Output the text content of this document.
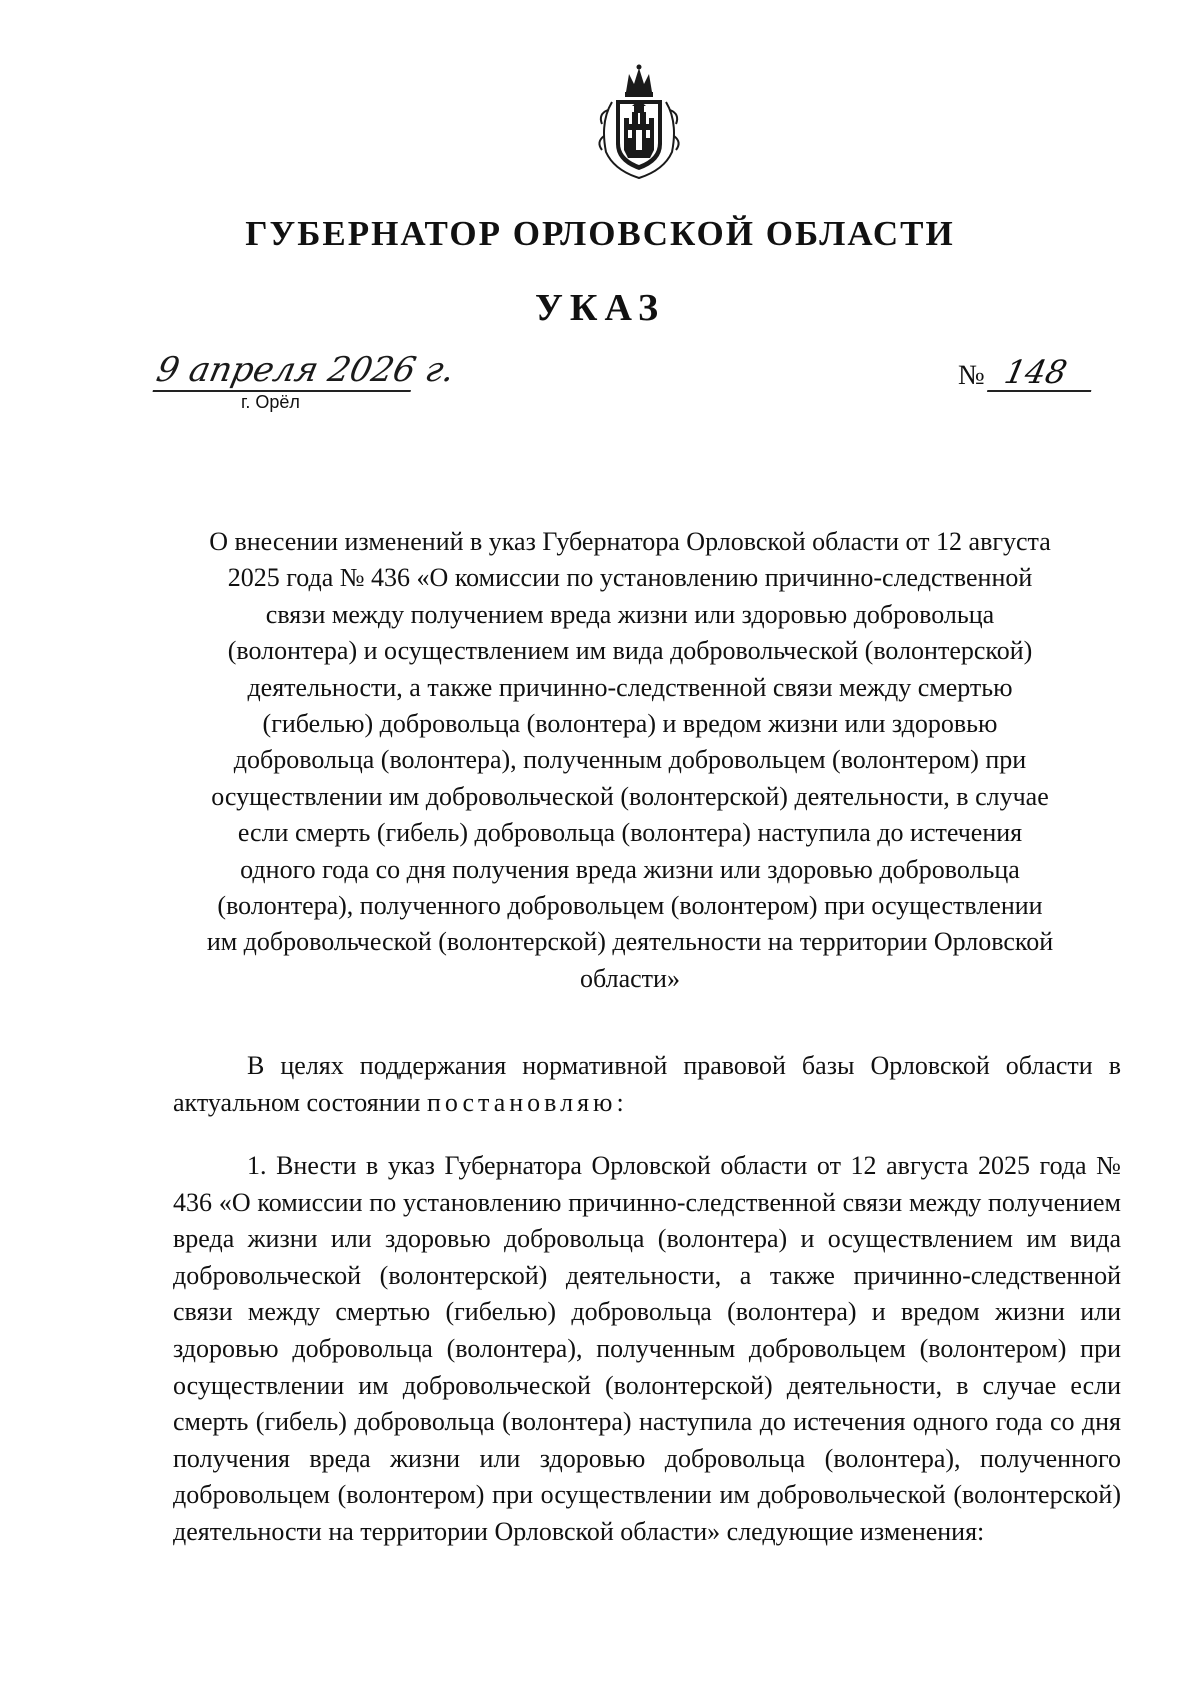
ГУБЕРНАТОР ОРЛОВСКОЙ ОБЛАСТИ
УКАЗ
9 апреля 2026 г.
г. Орёл
№ 148
О внесении изменений в указ Губернатора Орловской области от 12 августа 2025 года № 436 «О комиссии по установлению причинно-следственной связи между получением вреда жизни или здоровью добровольца (волонтера) и осуществлением им вида добровольческой (волонтерской) деятельности, а также причинно-следственной связи между смертью (гибелью) добровольца (волонтера) и вредом жизни или здоровью добровольца (волонтера), полученным добровольцем (волонтером) при осуществлении им добровольческой (волонтерской) деятельности, в случае если смерть (гибель) добровольца (волонтера) наступила до истечения одного года со дня получения вреда жизни или здоровью добровольца (волонтера), полученного добровольцем (волонтером) при осуществлении им добровольческой (волонтерской) деятельности на территории Орловской области»
В целях поддержания нормативной правовой базы Орловской области в актуальном состоянии постановляю:
1. Внести в указ Губернатора Орловской области от 12 августа 2025 года № 436 «О комиссии по установлению причинно-следственной связи между получением вреда жизни или здоровью добровольца (волонтера) и осуществлением им вида добровольческой (волонтерской) деятельности, а также причинно-следственной связи между смертью (гибелью) добровольца (волонтера) и вредом жизни или здоровью добровольца (волонтера), полученным добровольцем (волонтером) при осуществлении им добровольческой (волонтерской) деятельности, в случае если смерть (гибель) добровольца (волонтера) наступила до истечения одного года со дня получения вреда жизни или здоровью добровольца (волонтера), полученного добровольцем (волонтером) при осуществлении им добровольческой (волонтерской) деятельности на территории Орловской области» следующие изменения:
